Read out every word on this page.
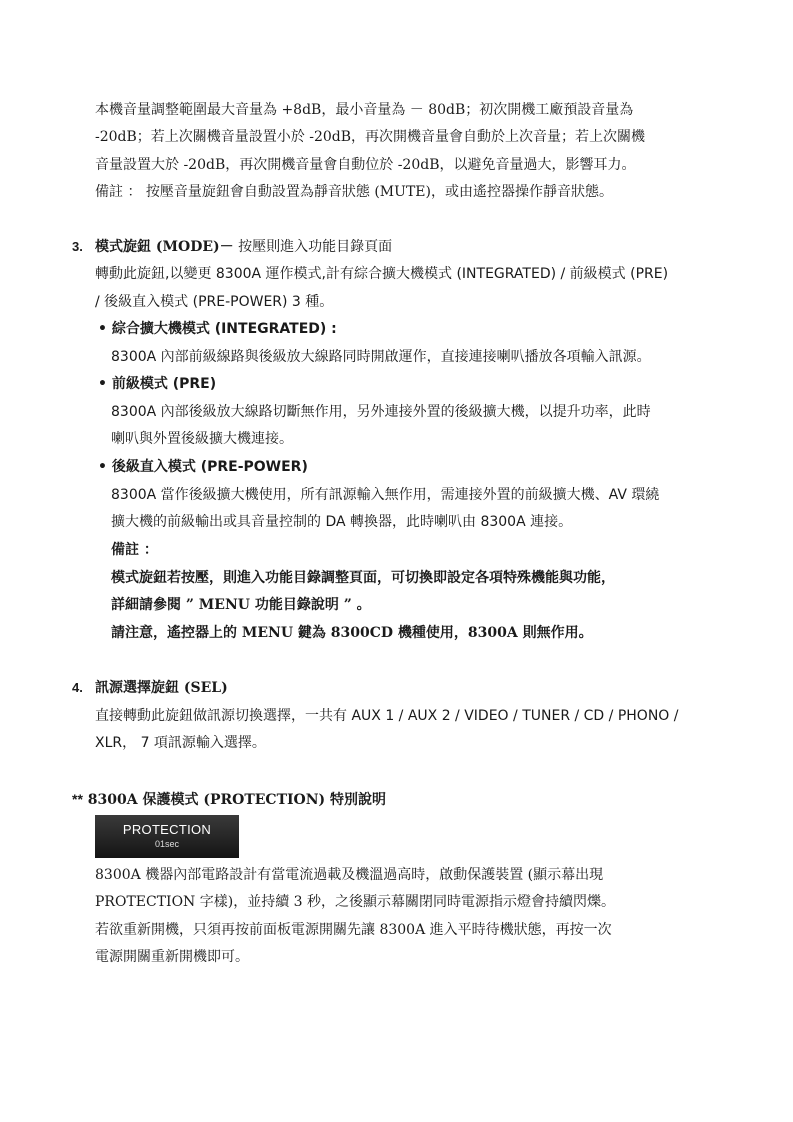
本機音量調整範圍最大音量為 +8dB，最小音量為 － 80dB；初次開機工廠預設音量為
-20dB；若上次關機音量設置小於 -20dB，再次開機音量會自動於上次音量；若上次關機
音量設置大於 -20dB，再次開機音量會自動位於 -20dB，以避免音量過大，影響耳力。
備註 ： 按壓音量旋鈕會自動設置為靜音狀態 (MUTE)，或由遙控器操作靜音狀態。
3. 模式旋鈕 (MODE)－ 按壓則進入功能目錄頁面
轉動此旋鈕,以變更 8300A 運作模式,計有綜合擴大機模式 (INTEGRATED) / 前級模式 (PRE)
/ 後級直入模式 (PRE-POWER) 3 種。
• 綜合擴大機模式 (INTEGRATED) :
8300A 內部前級線路與後級放大線路同時開啟運作，直接連接喇叭播放各項輸入訊源。
• 前級模式 (PRE)
8300A 內部後級放大線路切斷無作用，另外連接外置的後級擴大機，以提升功率，此時
喇叭與外置後級擴大機連接。
• 後級直入模式 (PRE-POWER)
8300A 當作後級擴大機使用，所有訊源輸入無作用，需連接外置的前級擴大機、AV 環繞
擴大機的前級輸出或具音量控制的 DA 轉換器，此時喇叭由 8300A 連接。
備註 ：
模式旋鈕若按壓，則進入功能目錄調整頁面，可切換即設定各項特殊機能與功能，
詳細請參閱 ” MENU 功能目錄說明 ” 。
請注意，遙控器上的 MENU 鍵為 8300CD 機種使用，8300A 則無作用。
4. 訊源選擇旋鈕 (SEL)
直接轉動此旋鈕做訊源切換選擇，一共有 AUX 1 / AUX 2 / VIDEO / TUNER / CD / PHONO /
XLR， 7 項訊源輸入選擇。
** 8300A 保護模式 (PROTECTION) 特別說明
PROTECTION
01sec
8300A 機器內部電路設計有當電流過載及機溫過高時，啟動保護裝置 (顯示幕出現
PROTECTION 字樣)，並持續 3 秒，之後顯示幕關閉同時電源指示燈會持續閃爍。
若欲重新開機，只須再按前面板電源開關先讓 8300A 進入平時待機狀態，再按一次
電源開關重新開機即可。
